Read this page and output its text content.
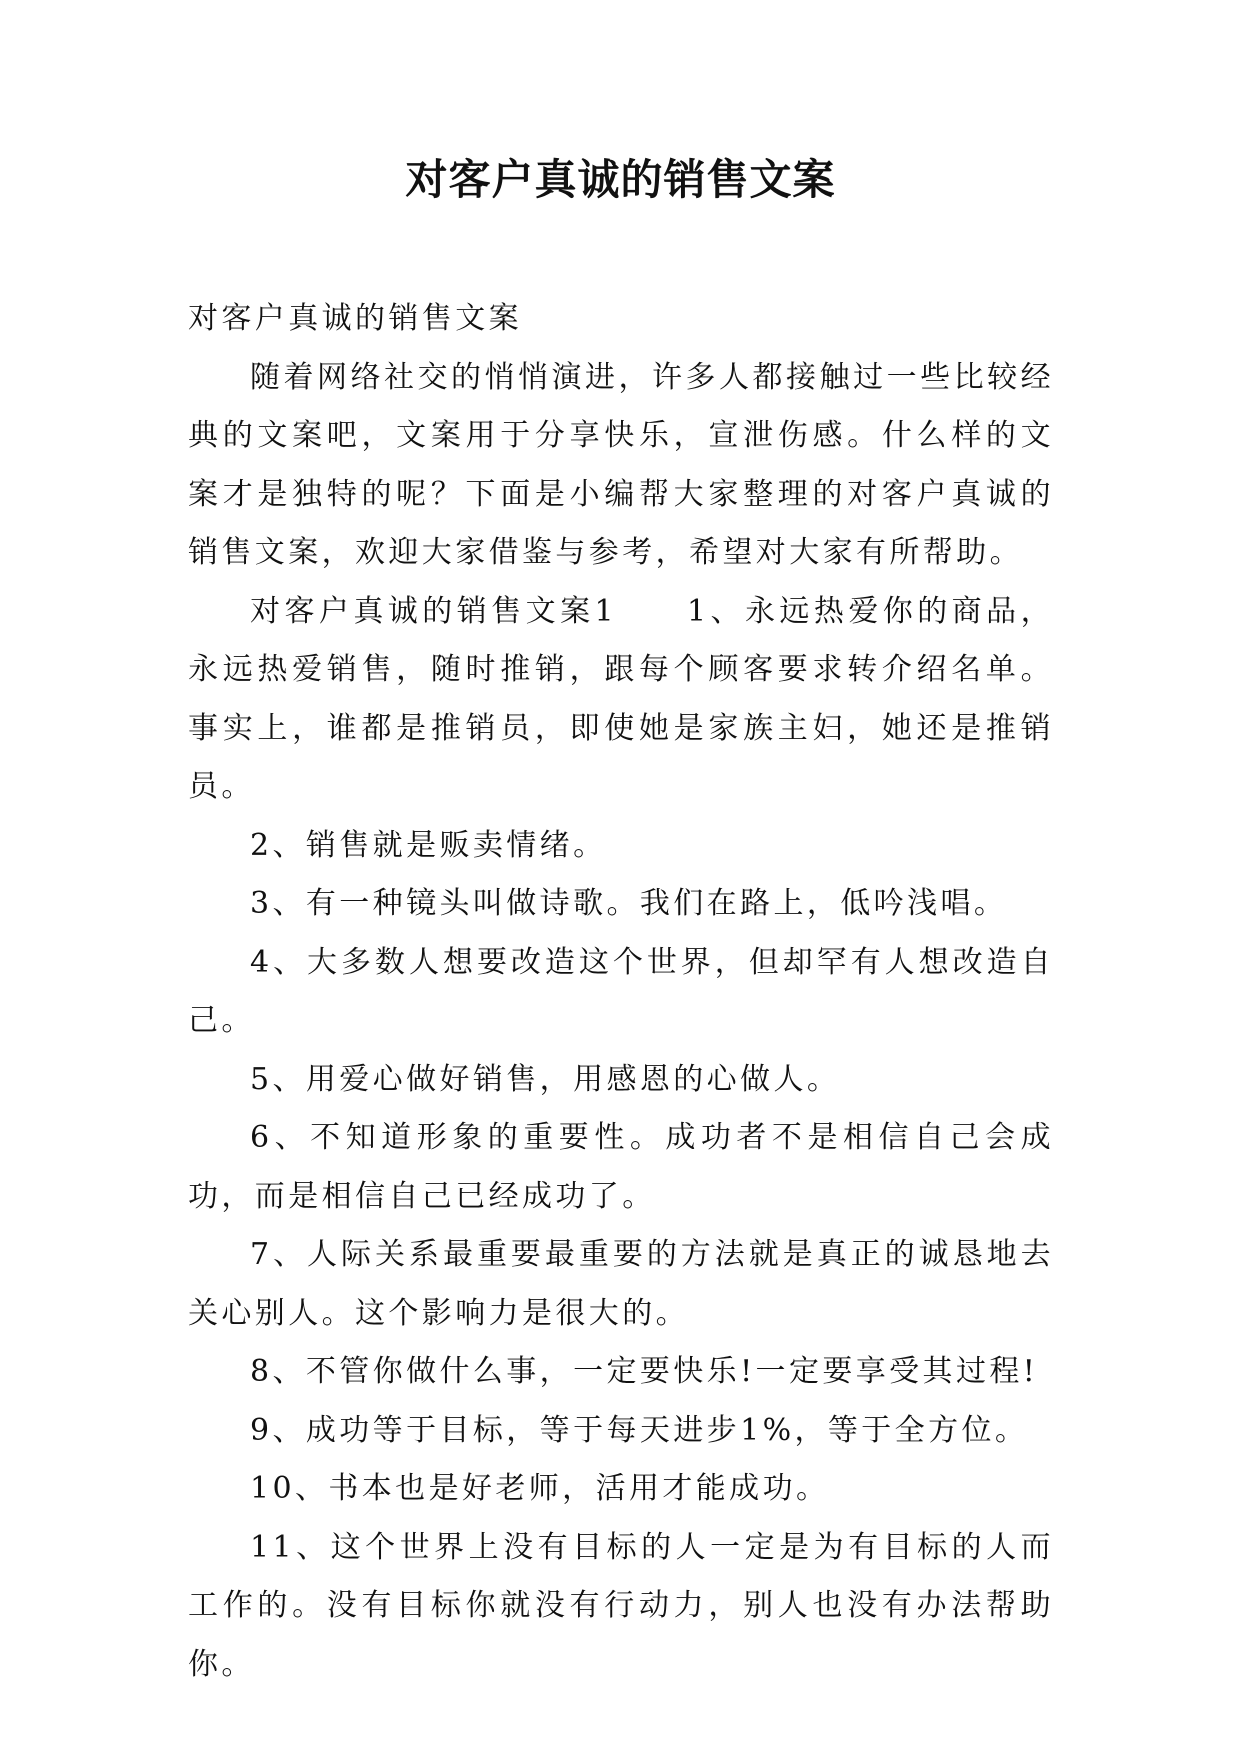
对客户真诚的销售文案

对客户真诚的销售文案

随着网络社交的悄悄演进，许多人都接触过一些比较经典的文案吧，文案用于分享快乐，宣泄伤感。什么样的文案才是独特的呢？下面是小编帮大家整理的对客户真诚的销售文案，欢迎大家借鉴与参考，希望对大家有所帮助。

对客户真诚的销售文案1　　1、永远热爱你的商品，永远热爱销售，随时推销，跟每个顾客要求转介绍名单。事实上，谁都是推销员，即使她是家族主妇，她还是推销员。

2、销售就是贩卖情绪。

3、有一种镜头叫做诗歌。我们在路上，低吟浅唱。

4、大多数人想要改造这个世界，但却罕有人想改造自己。

5、用爱心做好销售，用感恩的心做人。

6、不知道形象的重要性。成功者不是相信自己会成功，而是相信自己已经成功了。

7、人际关系最重要最重要的方法就是真正的诚恳地去关心别人。这个影响力是很大的。

8、不管你做什么事，一定要快乐!一定要享受其过程!

9、成功等于目标，等于每天进步1%，等于全方位。

10、书本也是好老师，活用才能成功。

11、这个世界上没有目标的人一定是为有目标的人而工作的。没有目标你就没有行动力，别人也没有办法帮助你。
